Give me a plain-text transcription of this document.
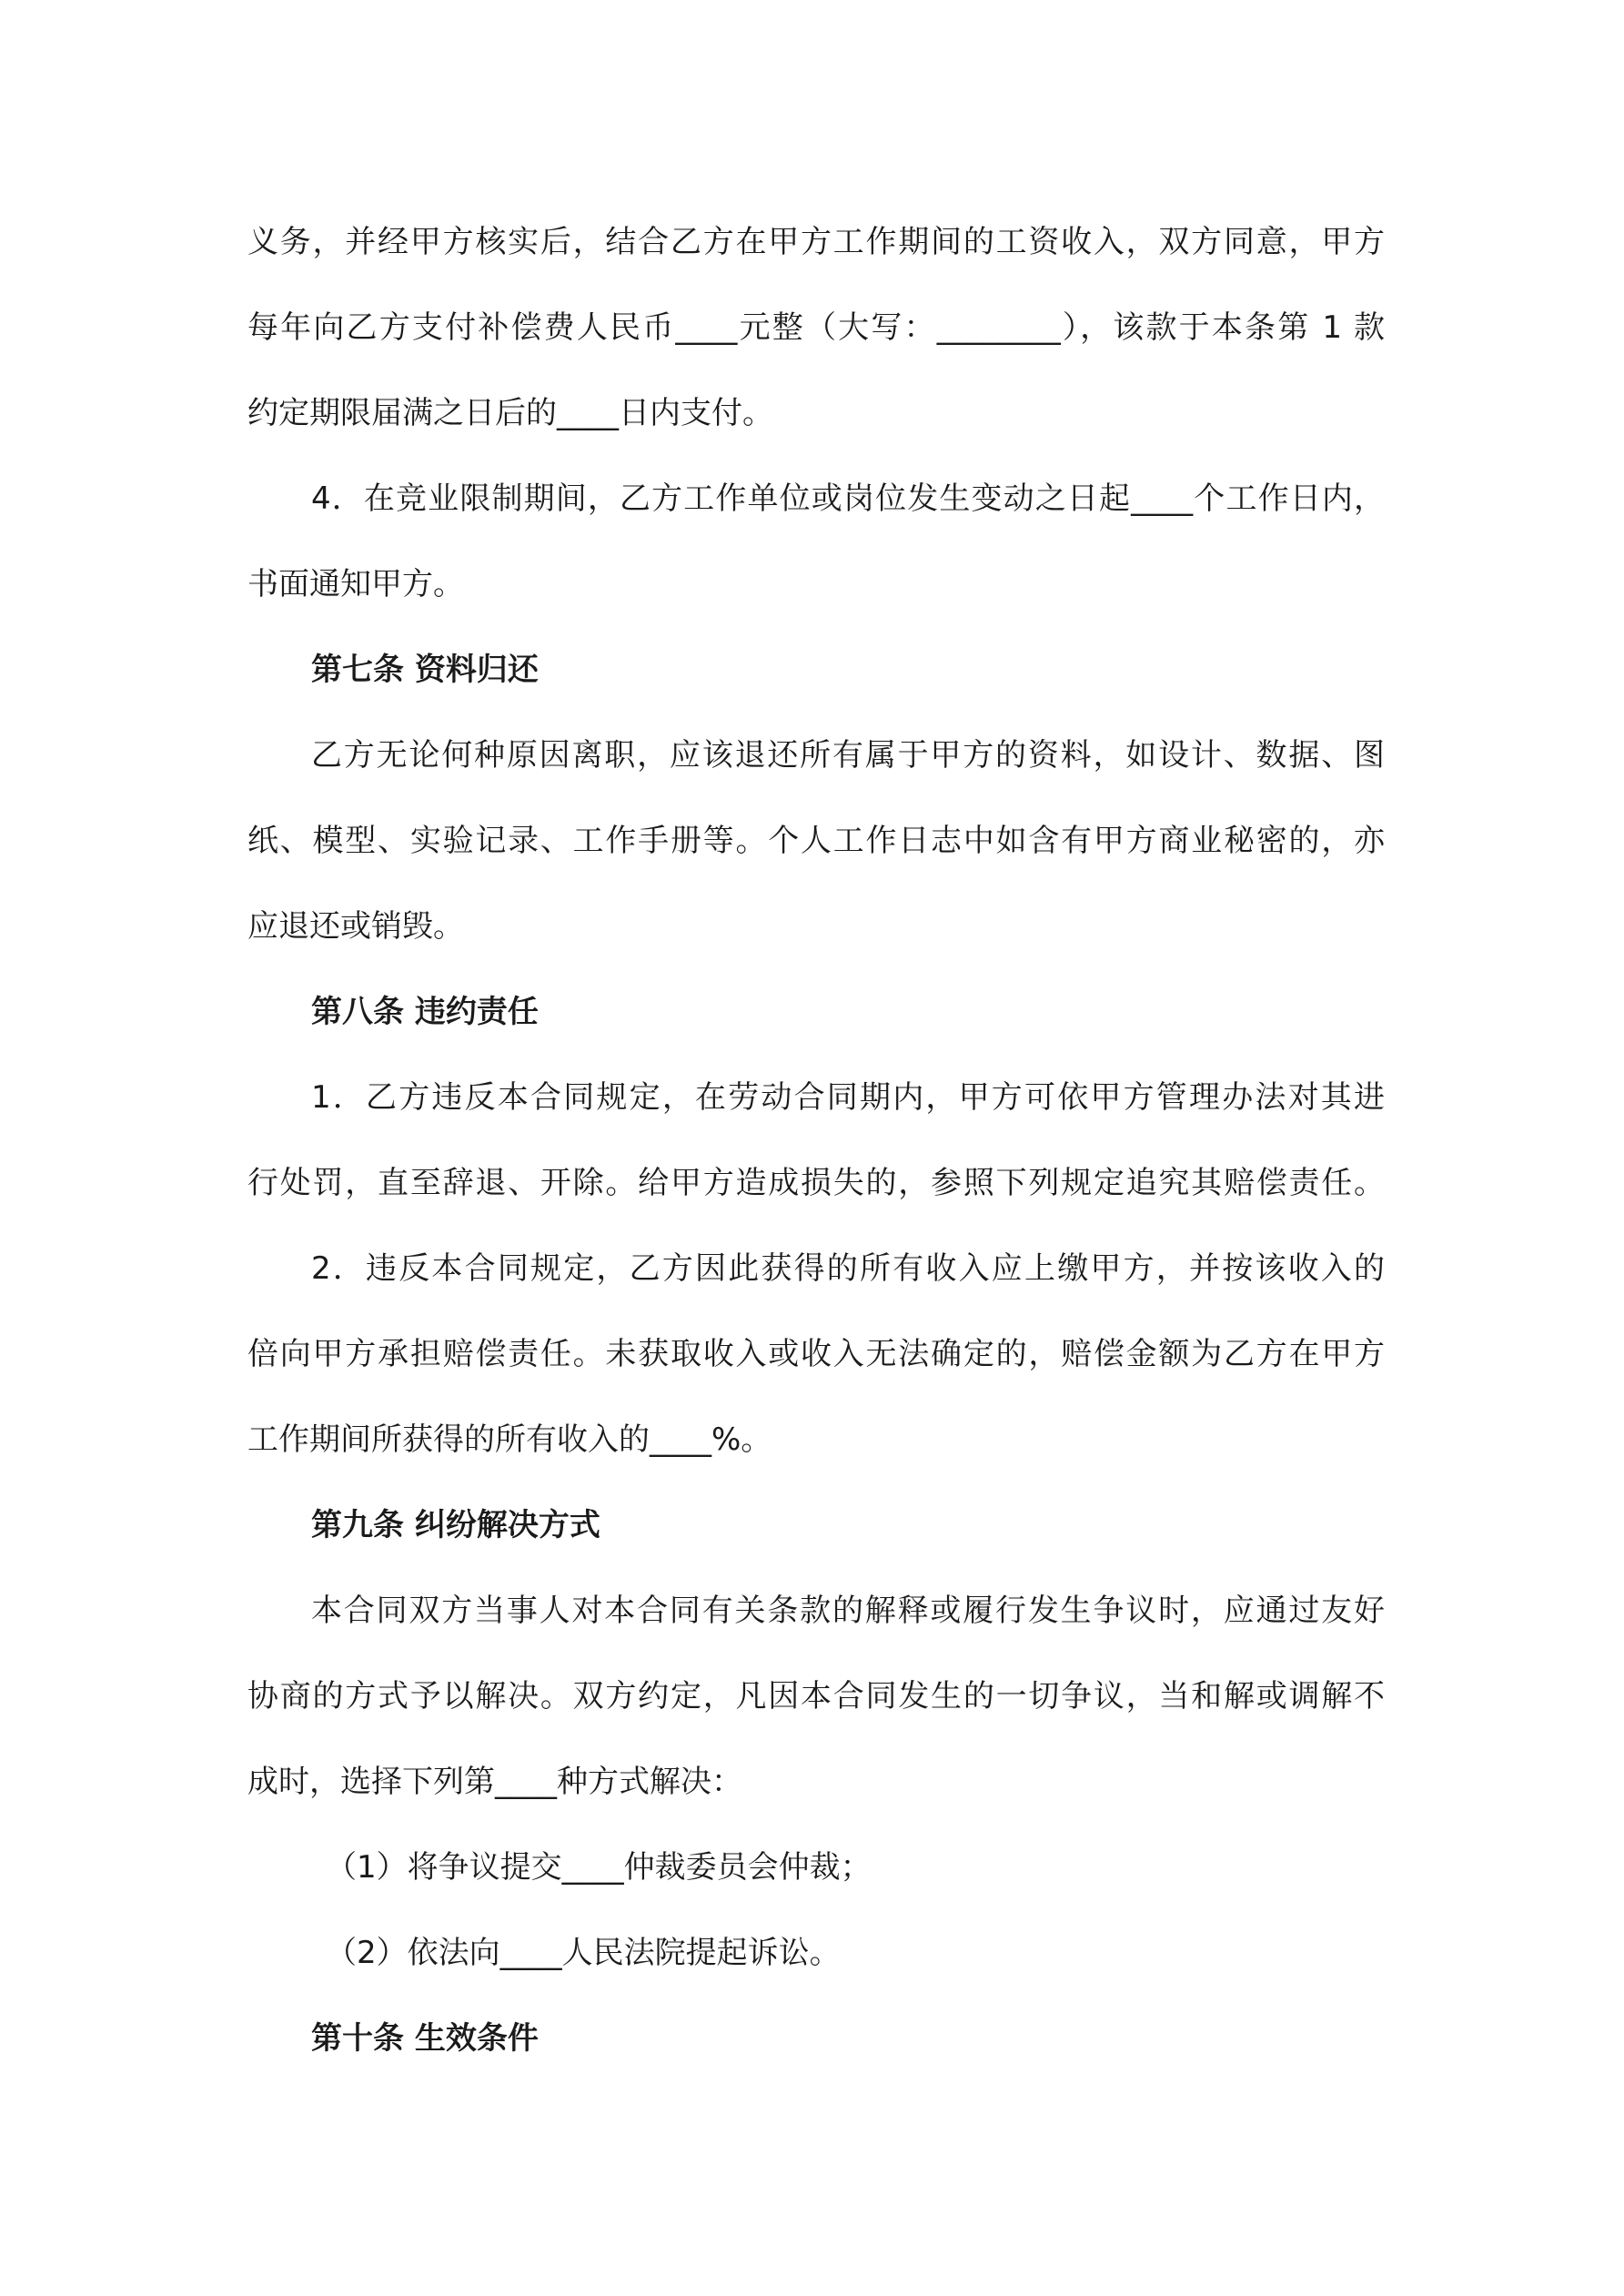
义务，并经甲方核实后，结合乙方在甲方工作期间的工资收入，双方同意，甲方
每年向乙方支付补偿费人民币____元整（大写：________），该款于本条第 1 款
约定期限届满之日后的____日内支付。
4．在竞业限制期间，乙方工作单位或岗位发生变动之日起____个工作日内，
书面通知甲方。
第七条 资料归还
乙方无论何种原因离职，应该退还所有属于甲方的资料，如设计、数据、图
纸、模型、实验记录、工作手册等。个人工作日志中如含有甲方商业秘密的，亦
应退还或销毁。
第八条 违约责任
1．乙方违反本合同规定，在劳动合同期内，甲方可依甲方管理办法对其进
行处罚，直至辞退、开除。给甲方造成损失的，参照下列规定追究其赔偿责任。
2．违反本合同规定，乙方因此获得的所有收入应上缴甲方，并按该收入的
倍向甲方承担赔偿责任。未获取收入或收入无法确定的，赔偿金额为乙方在甲方
工作期间所获得的所有收入的____%。
第九条 纠纷解决方式
本合同双方当事人对本合同有关条款的解释或履行发生争议时，应通过友好
协商的方式予以解决。双方约定，凡因本合同发生的一切争议，当和解或调解不
成时，选择下列第____种方式解决：
（1）将争议提交____仲裁委员会仲裁；
（2）依法向____人民法院提起诉讼。
第十条 生效条件
